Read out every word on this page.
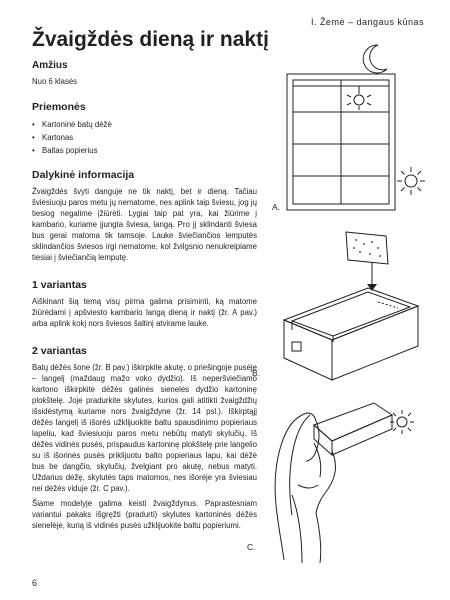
I. Žemė – dangaus kūnas
Žvaigždės dieną ir naktį
Amžius

Nuo 6 klasės

Priemonės
• Kartoninė batų dėžė
• Kartonas
• Baltas popierius
Dalykinė informacija

Žvaigždės švyti danguje ne tik naktį, bet ir dieną. Tačiau šviesiuoju paros metu jų nematome, nes aplink taip šviesu, jog jų tiesiog negalime įžiūrėti. Lygiai taip pat yra, kai žiūrime į kambario, kuriame įjungta šviesa, langą. Pro jį sklindanti šviesa bus gerai matoma tik tamsoje. Lauke šviečiančios lemputės sklindančios šviesos irgi nematome, kol žvilgsnio nenukreipiame tiesiai į šviečiančią lemputę.

1 variantas

Aiškinant šią temą visų pirma galima prisiminti, ką matome žiūrėdami į apšviesto kambario langą dieną ir naktį (žr. A pav.) arba aplink kokį nors šviesos šaltinį atvirame lauke.

2 variantas

Batų dėžės šone (žr. B pav.) iškirpkite akutę, o priešingoje pusėje – langelį (maždaug mažo voko dydžio). Iš neperšviečiamo kartono iškirpkite dėžės galinės sienelės dydžio kartoninę plokštelę. Joje pradurkite skylutes, kurios gali atitikti žvaigždžių išsidėstymą kuriame nors žvaigždyne (žr. 14 psl.). Iškirptąjį dėžės langelį iš išorės užklijuokite baltu spausdinimo popieriaus lapeliu, kad šviesiuoju paros metu nebūtų matyti skylučių. Iš dėžės vidinės pusės, prispaudus kartoninę plokštelę prie langelio su iš išorinės pusės priklijuotu balto popieriaus lapu, kai dėžė bus be dangčio, skylučių, žvelgiant pro akutę, nebus matyti. Uždarius dėžę, skylutės taps matomos, nes išorėje yra šviesiau nei dėžės viduje (žr. C pav.).

Šiame modelyje galima keisti žvaigždynus. Paprastesniam variantui pakaks išgręžti (pradurti) skylutes kartoninės dėžės sienelėje, kurią iš vidinės pusės užklijuokite baltu popieriumi.

A.
B.
C.
6
